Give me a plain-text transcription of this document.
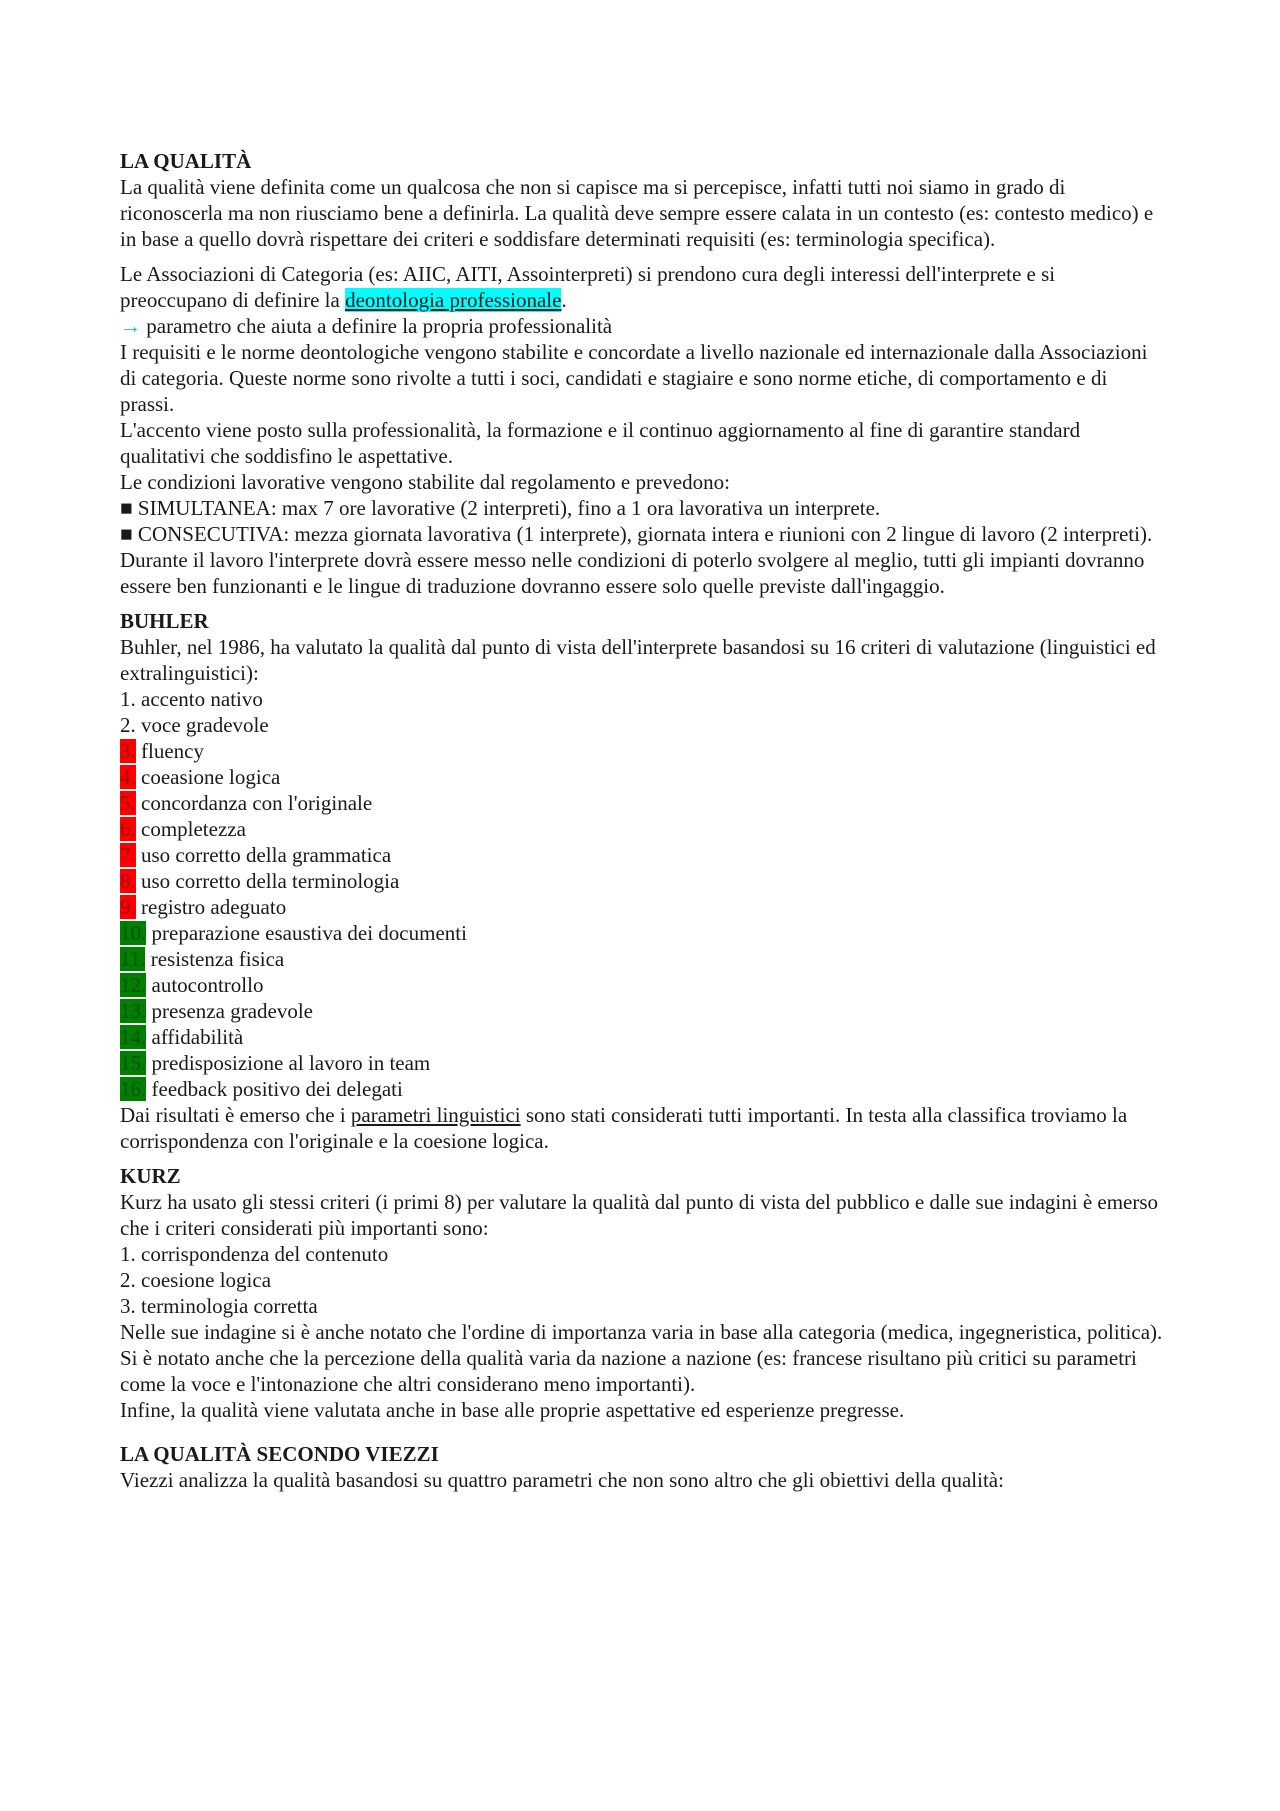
LA QUALITÀ

La qualità viene definita come un qualcosa che non si capisce ma si percepisce, infatti tutti noi siamo in grado di riconoscerla ma non riusciamo bene a definirla. La qualità deve sempre essere calata in un contesto (es: contesto medico) e in base a quello dovrà rispettare dei criteri e soddisfare determinati requisiti (es: terminologia specifica).

Le Associazioni di Categoria (es: AIIC, AITI, Assointerpreti) si prendono cura degli interessi dell'interprete e si preoccupano di definire la deontologia professionale.

→ parametro che aiuta a definire la propria professionalità

I requisiti e le norme deontologiche vengono stabilite e concordate a livello nazionale ed internazionale dalla Associazioni di categoria. Queste norme sono rivolte a tutti i soci, candidati e stagiaire e sono norme etiche, di comportamento e di prassi.

L'accento viene posto sulla professionalità, la formazione e il continuo aggiornamento al fine di garantire standard qualitativi che soddisfino le aspettative.

Le condizioni lavorative vengono stabilite dal regolamento e prevedono:

■ SIMULTANEA: max 7 ore lavorative (2 interpreti), fino a 1 ora lavorativa un interprete.

■ CONSECUTIVA: mezza giornata lavorativa (1 interprete), giornata intera e riunioni con 2 lingue di lavoro (2 interpreti).

Durante il lavoro l'interprete dovrà essere messo nelle condizioni di poterlo svolgere al meglio, tutti gli impianti dovranno essere ben funzionanti e le lingue di traduzione dovranno essere solo quelle previste dall'ingaggio.

BUHLER

Buhler, nel 1986, ha valutato la qualità dal punto di vista dell'interprete basandosi su 16 criteri di valutazione (linguistici ed extralinguistici):

1. accento nativo

2. voce gradevole

3. fluency

4. coeasione logica

5. concordanza con l'originale

6. completezza

7. uso corretto della grammatica

8. uso corretto della terminologia

9. registro adeguato

10. preparazione esaustiva dei documenti

11. resistenza fisica

12. autocontrollo

13. presenza gradevole

14. affidabilità

15. predisposizione al lavoro in team

16. feedback positivo dei delegati

Dai risultati è emerso che i parametri linguistici sono stati considerati tutti importanti. In testa alla classifica troviamo la corrispondenza con l'originale e la coesione logica.

KURZ

Kurz ha usato gli stessi criteri (i primi 8) per valutare la qualità dal punto di vista del pubblico e dalle sue indagini è emerso che i criteri considerati più importanti sono:

1. corrispondenza del contenuto

2. coesione logica

3. terminologia corretta

Nelle sue indagine si è anche notato che l'ordine di importanza varia in base alla categoria (medica, ingegneristica, politica). Si è notato anche che la percezione della qualità varia da nazione a nazione (es: francese risultano più critici su parametri come la voce e l'intonazione che altri considerano meno importanti).

Infine, la qualità viene valutata anche in base alle proprie aspettative ed esperienze pregresse.

LA QUALITÀ SECONDO VIEZZI

Viezzi analizza la qualità basandosi su quattro parametri che non sono altro che gli obiettivi della qualità:
